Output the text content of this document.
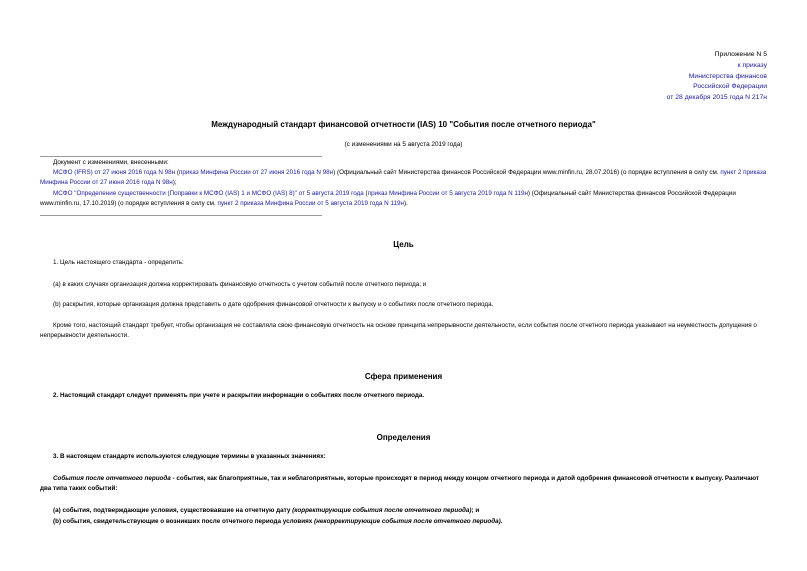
Приложение N 5
к приказу
Министерства финансов
Российской Федерации
от 28 декабря 2015 года N 217н
Международный стандарт финансовой отчетности (IAS) 10 "События после отчетного периода"
(с изменениями на 5 августа 2019 года)
Документ с изменениями, внесенными:
МСФО (IFRS) от 27 июня 2016 года N 98н (приказ Минфина России от 27 июня 2016 года N 98н) (Официальный сайт Министерства финансов Российской Федерации www.minfin.ru, 28.07.2016) (о порядке вступления в силу см. пункт 2 приказа Минфина России от 27 июня 2016 года N 98н);
МСФО "Определение существенности (Поправки к МСФО (IAS) 1 и МСФО (IAS) 8)" от 5 августа 2019 года (приказ Минфина России от 5 августа 2019 года N 119н) (Официальный сайт Министерства финансов Российской Федерации www.minfin.ru, 17.10.2019) (о порядке вступления в силу см. пункт 2 приказа Минфина России от 5 августа 2019 года N 119н).
Цель
1. Цель настоящего стандарта - определить:
(a) в каких случаях организация должна корректировать финансовую отчетность с учетом событий после отчетного периода; и
(b) раскрытия, которые организация должна представить о дате одобрения финансовой отчетности к выпуску и о событиях после отчетного периода.
Кроме того, настоящий стандарт требует, чтобы организация не составляла свою финансовую отчетность на основе принципа непрерывности деятельности, если события после отчетного периода указывают на неуместность допущения о непрерывности деятельности.
Сфера применения
2. Настоящий стандарт следует применять при учете и раскрытии информации о событиях после отчетного периода.
Определения
3. В настоящем стандарте используются следующие термины в указанных значениях:
События после отчетного периода - события, как благоприятные, так и неблагоприятные, которые происходят в период между концом отчетного периода и датой одобрения финансовой отчетности к выпуску. Различают два типа таких событий:
(a) события, подтверждающие условия, существовавшие на отчетную дату (корректирующие события после отчетного периода); и
(b) события, свидетельствующие о возникших после отчетного периода условиях (некорректирующие события после отчетного периода).
